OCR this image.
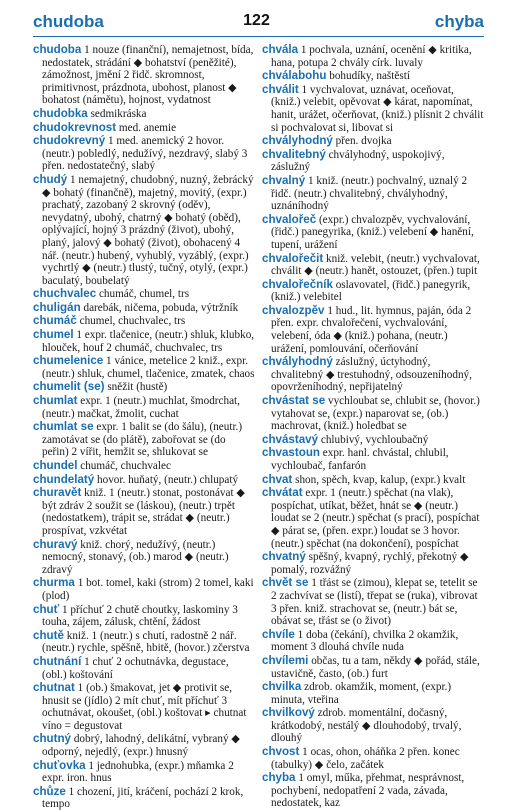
chudoba	122	chyba
chudoba 1 nouze (finanční), nemajetnost, bída, nedostatek, strádání ◆ bohatství (peněžité), zámožnost, jmění 2 řidč. skromnost, primitivnost, prázdnota, ubohost, planost ◆ bohatost (námětu), hojnost, vydatnost
chudobka sedmikráska
chudokrevnost med. anemie
chudokrevný 1 med. anemický 2 hovor. (neutr.) pobledlý, nedužívý, nezdravý, slabý 3 přen. nedostatečný, slabý
chudý 1 nemajetný, chudobný, nuzný, žebrácký ◆ bohatý (finančně), majetný, movitý, (expr.) prachatý, zazobaný 2 skrovný (oděv), nevydatný, ubohý, chatrný ◆ bohatý (oběd), oplývající, hojný 3 prázdný (život), ubohý, planý, jalový ◆ bohatý (život), obohacený 4 nář. (neutr.) hubený, vyhublý, vyzáblý, (expr.) vychrtlý ◆ (neutr.) tlustý, tučný, otylý, (expr.) baculatý, boubelatý
chuchvalec chumáč, chumel, trs
chuligán darebák, ničema, pobuda, výtržník
chumáč chumel, chuchvalec, trs
chumel 1 expr. tlačenice, (neutr.) shluk, klubko, hlouček, houf 2 chumáč, chuchvalec, trs
chumelenice 1 vánice, metelice 2 kniž., expr. (neutr.) shluk, chumel, tlačenice, zmatek, chaos
chumelit (se) sněžit (hustě)
chumlat expr. 1 (neutr.) muchlat, šmodrchat, (neutr.) mačkat, žmolit, cuchat
chumlat se expr. 1 balit se (do šálu), (neutr.) zamotávat se (do plátě), zabořovat se (do peřin) 2 vířit, hemžit se, shlukovat se
chundel chumáč, chuchvalec
chundelatý hovor. huňatý, (neutr.) chlupatý
churavět kniž. 1 (neutr.) stonat, postonávat ◆ být zdráv 2 soužit se (láskou), (neutr.) trpět (nedostatkem), trápit se, strádat ◆ (neutr.) prospívat, vzkvétat
churavý kniž. chorý, nedužívý, (neutr.) nemocný, stonavý, (ob.) marod ◆ (neutr.) zdravý
churma 1 bot. tomel, kaki (strom) 2 tomel, kaki (plod)
chuť 1 příchuť 2 chutě choutky, laskominy 3 touha, zájem, zálusk, chtění, žádost
chutě kniž. 1 (neutr.) s chutí, radostně 2 nář. (neutr.) rychle, spěšně, hbitě, (hovor.) zčerstva
chutnání 1 chuť 2 ochutnávka, degustace, (obl.) koštování
chutnat 1 (ob.) šmakovat, jet ◆ protivit se, hnusit se (jídlo) 2 mít chuť, mít příchuť 3 ochutnávat, okoušet, (obl.) koštovat ▸ chutnat víno = degustovat
chutný dobrý, lahodný, delikátní, vybraný ◆ odporný, nejedlý, (expr.) hnusný
chuťovka 1 jednohubka, (expr.) mňamka 2 expr. iron. hnus
chůze 1 chození, jití, kráčení, pochází 2 krok, tempo
chvála 1 pochvala, uznání, ocenění ◆ kritika, hana, potupa 2 chvály círk. luvaly
chválabohu bohudíky, naštěstí
chválit 1 vychvalovat, uznávat, oceňovat, (kniž.) velebit, opěvovat ◆ kárat, napomínat, hanit, urážet, očerňovat, (kniž.) plísnit 2 chválit si pochvalovat si, libovat si
chvályhodný přen. dvojka
chvalitebný chvályhodný, uspokojivý, záslužný
chvalný 1 kniž. (neutr.) pochvalný, uznalý 2 řidč. (neutr.) chvalitebný, chvályhodný, uznáníhodný
chvalořeč (expr.) chvalozpěv, vychvalování, (řidč.) panegyrika, (kniž.) velebení ◆ hanění, tupení, urážení
chvalořečit kniž. velebit, (neutr.) vychvalovat, chválit ◆ (neutr.) hanět, ostouzet, (přen.) tupit
chvalořečník oslavovatel, (řidč.) panegyrik, (kniž.) velebitel
chvalozpěv 1 hud., lit. hymnus, paján, óda 2 přen. expr. chvalořečení, vychvalování, velebení, óda ◆ (kniž.) pohana, (neutr.) urážení, pomlouvání, očerňování
chvályhodný záslužný, úctyhodný, chvalitebný ◆ trestuhodný, odsouzeníhodný, opovrženíhodný, nepřijatelný
chvástat se vychloubat se, chlubit se, (hovor.) vytahovat se, (expr.) naparovat se, (ob.) machrovat, (kniž.) holedbat se
chvástavý chlubivý, vychloubačný
chvastoun expr. hanl. chvástal, chlubil, vychloubač, fanfarón
chvat shon, spěch, kvap, kalup, (expr.) kvalt
chvátat expr. 1 (neutr.) spěchat (na vlak), pospíchat, utíkat, běžet, hnát se ◆ (neutr.) loudat se 2 (neutr.) spěchat (s prací), pospíchat ◆ párat se, (přen. expr.) loudat se 3 hovor. (neutr.) spěchat (na dokončení), pospíchat
chvatný spěšný, kvapný, rychlý, překotný ◆ pomalý, rozvážný
chvět se 1 třást se (zimou), klepat se, tetelit se 2 zachvívat se (listí), třepat se (ruka), vibrovat 3 přen. kniž. strachovat se, (neutr.) bát se, obávat se, třást se (o život)
chvíle 1 doba (čekání), chvilka 2 okamžik, moment 3 dlouhá chvíle nuda
chvílemi občas, tu a tam, někdy ◆ pořád, stále, ustavičně, často, (ob.) furt
chvilka zdrob. okamžik, moment, (expr.) minuta, vteřina
chvilkový zdrob. momentální, dočasný, krátkodobý, nestálý ◆ dlouhodobý, trvalý, dlouhý
chvost 1 ocas, ohon, oháňka 2 přen. konec (tabulky) ◆ čelo, začátek
chyba 1 omyl, műka, přehmat, nesprávnost, pochybení, nedopatření 2 vada, závada, nedostatek, kaz
